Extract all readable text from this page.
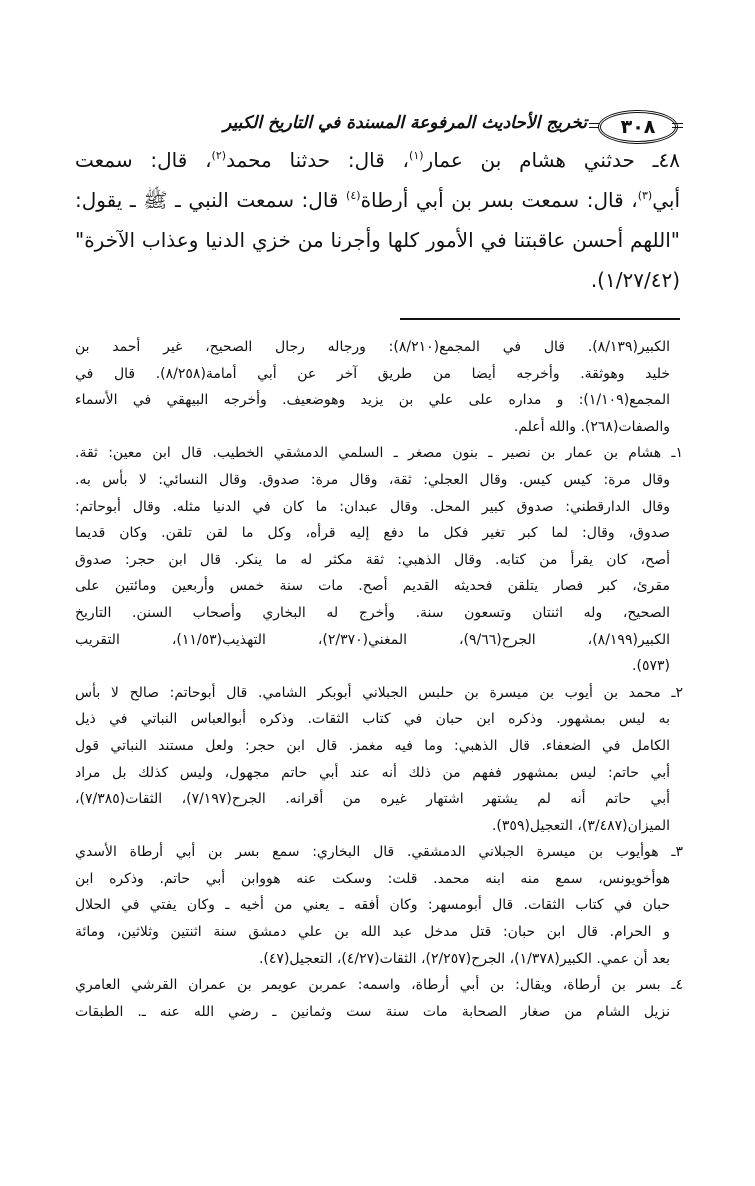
تخريج الأحاديث المرفوعة المسندة في التاريخ الكبير	٣٠٨
٤٨ـ حدثني هشام بن عمار$^{(١)}$، قال: حدثنا محمد$^{(٢)}$، قال: سمعت
أبي$^{(٣)}$، قال: سمعت بسر بن أبي أرطاة$^{(٤)}$ قال: سمعت النبي ـ ﷺ ـ يقول:
"اللهم أحسن عاقبتنا في الأمور كلها وأجرنا من خزي الدنيا وعذاب الآخرة"
(١/٢٧/٤٢).
الكبير(٨/١٣٩). قال في المجمع(٨/٢١٠): ورجاله رجال الصحيح، غير أحمد بن
خليد وهوثقة. وأخرجه أيضا من طريق آخر عن أبي أمامة(٨/٢٥٨). قال في
المجمع(١/١٠٩): و مداره على علي بن يزيد وهوضعيف. وأخرجه البيهقي في الأسماء
والصفات(٢٦٨). والله أعلم.
١ـ هشام بن عمار بن نصير ـ بنون مصغر ـ السلمي الدمشقي الخطيب. قال ابن معين: ثقة.
وقال مرة: كيس كيس. وقال العجلي: ثقة، وقال مرة: صدوق. وقال النسائي: لا بأس به.
وقال الدارقطني: صدوق كبير المحل. وقال عبدان: ما كان في الدنيا مثله. وقال أبوحاتم:
صدوق، وقال: لما كبر تغير فكل ما دفع إليه قرأه، وكل ما لقن تلقن. وكان قديما
أصح، كان يقرأ من كتابه. وقال الذهبي: ثقة مكثر له ما ينكر. قال ابن حجر: صدوق
مقرئ، كبر فصار يتلقن فحديثه القديم أصح. مات سنة خمس وأربعين ومائتين على
الصحيح، وله اثنتان وتسعون سنة. وأخرج له البخاري وأصحاب السنن. التاريخ
الكبير(٨/١٩٩)، الجرح(٩/٦٦)، المغني(٢/٣٧٠)، التهذيب(١١/٥٣)، التقريب
(٥٧٣).
٢ـ محمد بن أيوب بن ميسرة بن حلبس الجبلاني أبوبكر الشامي. قال أبوحاتم: صالح لا بأس
به ليس بمشهور. وذكره ابن حبان في كتاب الثقات. وذكره أبوالعباس النباتي في ذيل
الكامل في الضعفاء. قال الذهبي: وما فيه مغمز. قال ابن حجر: ولعل مستند النباتي قول
أبي حاتم: ليس بمشهور ففهم من ذلك أنه عند أبي حاتم مجهول، وليس كذلك بل مراد
أبي حاتم أنه لم يشتهر اشتهار غيره من أقرانه. الجرح(٧/١٩٧)، الثقات(٧/٣٨٥)،
الميزان(٣/٤٨٧)، التعجيل(٣٥٩).
٣ـ هوأيوب بن ميسرة الجبلاني الدمشقي. قال البخاري: سمع بسر بن أبي أرطاة الأسدي
هوأخويونس، سمع منه ابنه محمد. قلت: وسكت عنه هووابن أبي حاتم. وذكره ابن
حبان في كتاب الثقات. قال أبومسهر: وكان أفقه ـ يعني من أخيه ـ وكان يفتي في الحلال
و الحرام. قال ابن حبان: قتل مدخل عبد الله بن علي دمشق سنة اثنتين وثلاثين، ومائة
بعد أن عمي. الكبير(١/٣٧٨)، الجرح(٢/٢٥٧)، الثقات(٤/٢٧)، التعجيل(٤٧).
٤ـ بسر بن أرطاة، ويقال: بن أبي أرطاة، واسمه: عمربن عويمر بن عمران القرشي العامري
نزيل الشام من صغار الصحابة مات سنة ست وثمانين ـ رضي الله عنه ـ. الطبقات
